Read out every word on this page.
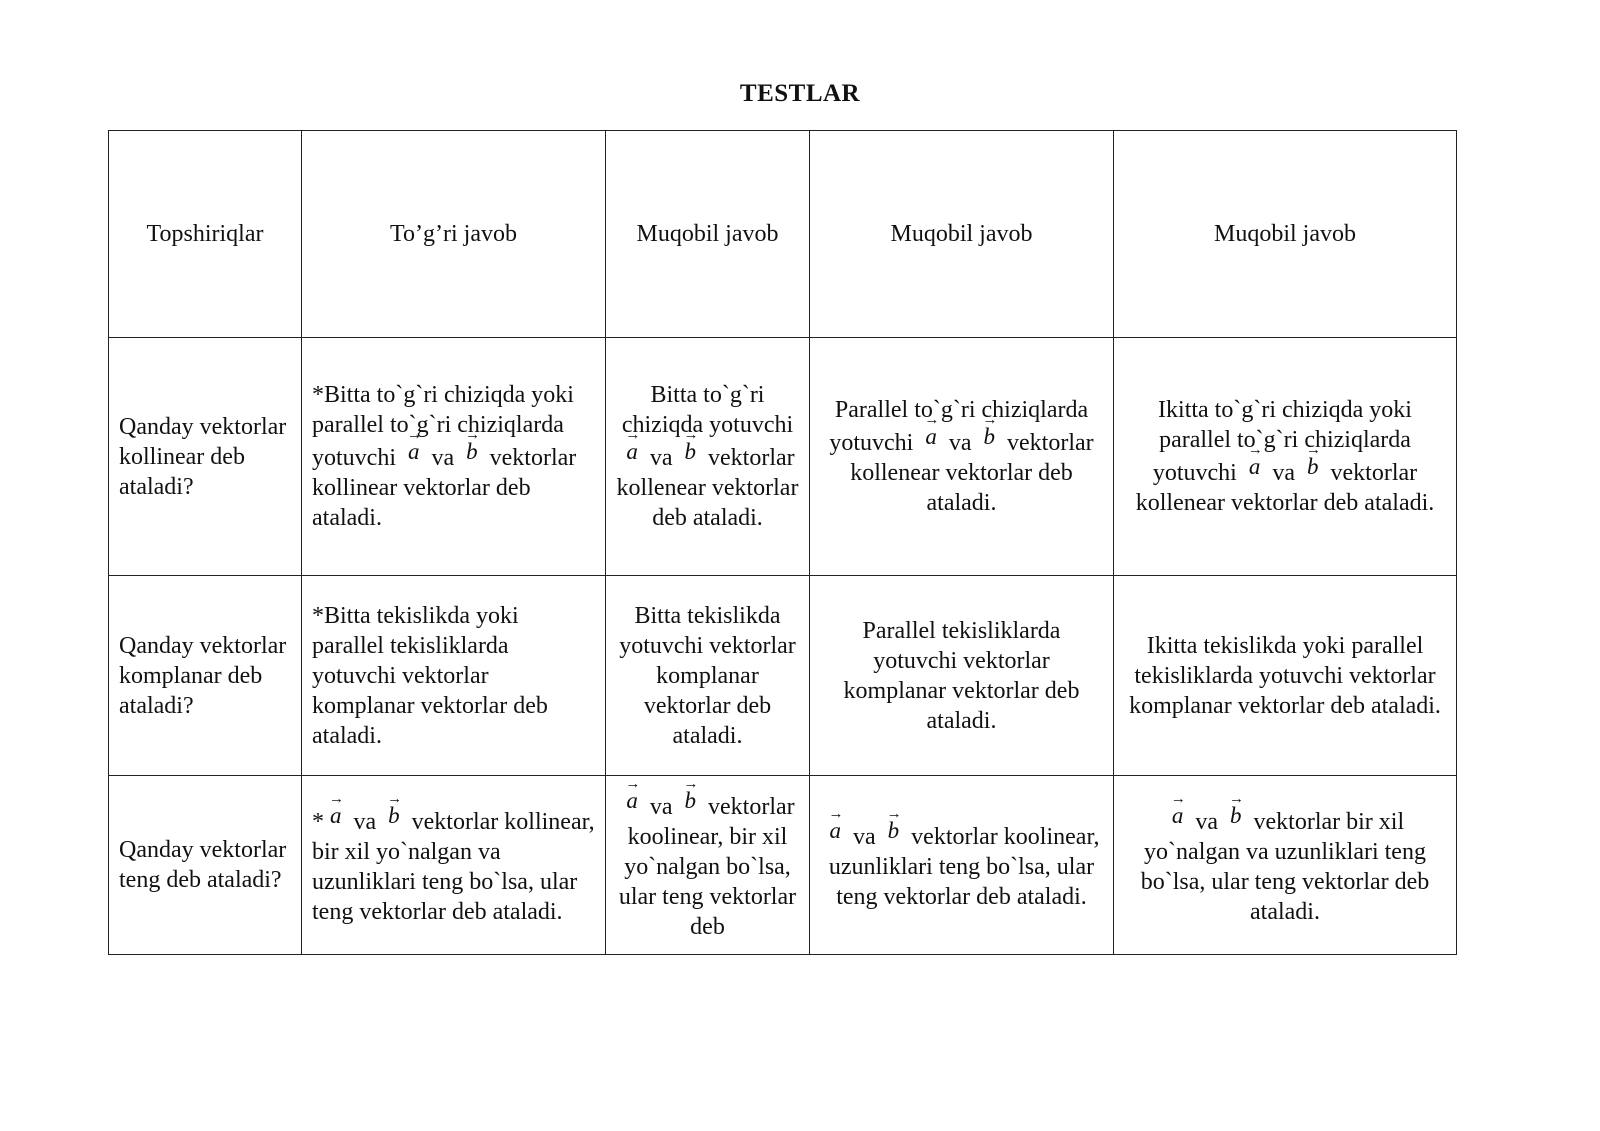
TESTLAR
Topshiriqlar	To’g’ri javob	Muqobil javob	Muqobil javob	Muqobil javob
Qanday vektorlar kollinear deb ataladi?	*Bitta to`g`ri chiziqda yoki parallel to`g`ri chiziqlarda yotuvchi → a va → b vektorlar kollinear vektorlar deb ataladi.	Bitta to`g`ri chiziqda yotuvchi → a va → b vektorlar kollenear vektorlar deb ataladi.	Parallel to`g`ri chiziqlarda yotuvchi → a va → b vektorlar kollenear vektorlar deb ataladi.	Ikitta to`g`ri chiziqda yoki parallel to`g`ri chiziqlarda yotuvchi → a va → b vektorlar kollenear vektorlar deb ataladi.
Qanday vektorlar komplanar deb ataladi?	*Bitta tekislikda yoki parallel tekisliklarda yotuvchi vektorlar komplanar vektorlar deb ataladi.	Bitta tekislikda yotuvchi vektorlar komplanar vektorlar deb ataladi.	Parallel tekisliklarda yotuvchi vektorlar komplanar vektorlar deb ataladi.	Ikitta tekislikda yoki parallel tekisliklarda yotuvchi vektorlar komplanar vektorlar deb ataladi.
Qanday vektorlar teng deb ataladi?	* → a va → b vektorlar kollinear, bir xil yo`nalgan va uzunliklari teng bo`lsa, ular teng vektorlar deb ataladi.	→ a va → b vektorlar koolinear, bir xil yo`nalgan bo`lsa, ular teng vektorlar deb	→ a va → b vektorlar koolinear, uzunliklari teng bo`lsa, ular teng vektorlar deb ataladi.	→ a va → b vektorlar bir xil yo`nalgan va uzunliklari teng bo`lsa, ular teng vektorlar deb ataladi.
